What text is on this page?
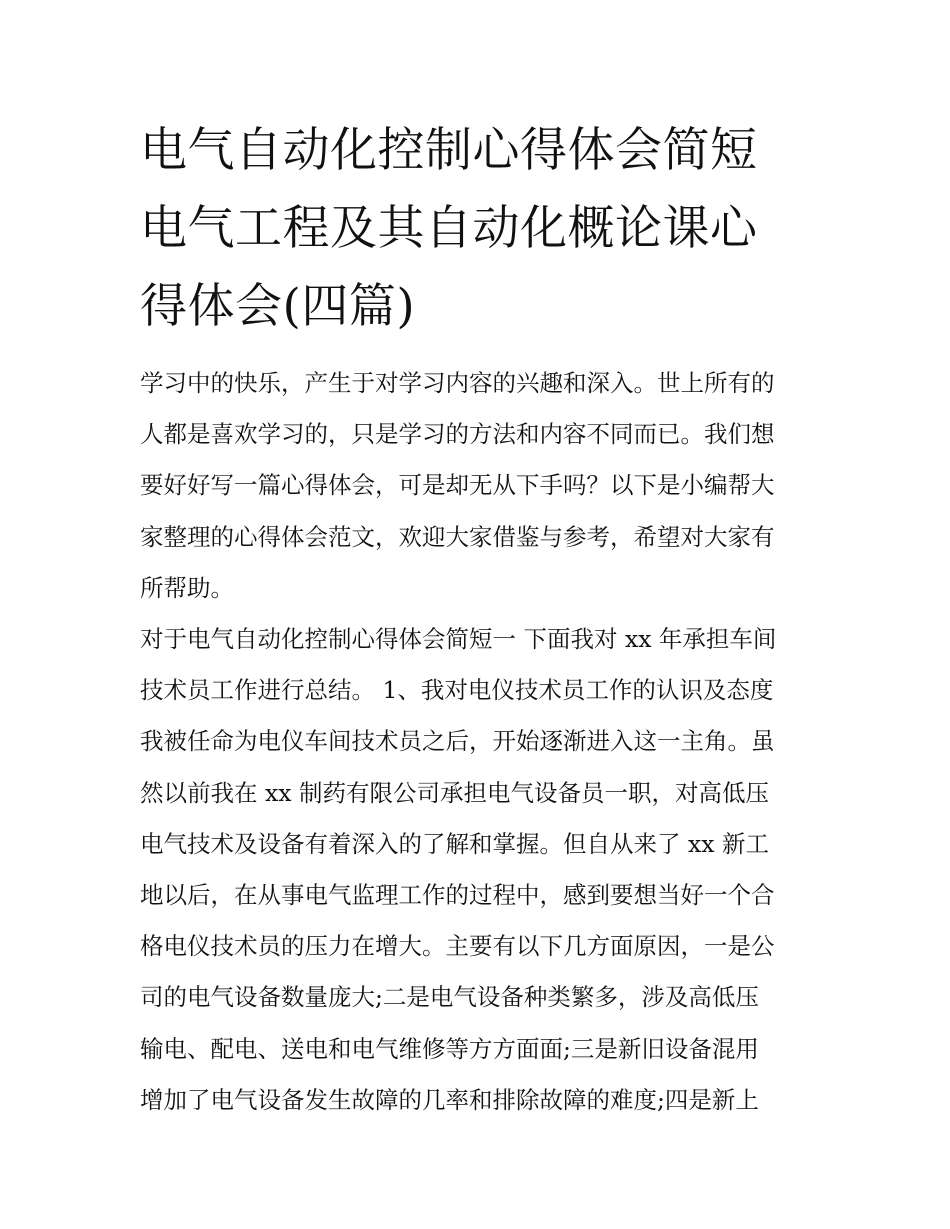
电气自动化控制心得体会简短
电气工程及其自动化概论课心
得体会(四篇)
学习中的快乐，产生于对学习内容的兴趣和深入。世上所有的
人都是喜欢学习的，只是学习的方法和内容不同而已。我们想
要好好写一篇心得体会，可是却无从下手吗？以下是小编帮大
家整理的心得体会范文，欢迎大家借鉴与参考，希望对大家有
所帮助。
对于电气自动化控制心得体会简短一 下面我对 xx 年承担车间
技术员工作进行总结。 1、我对电仪技术员工作的认识及态度
我被任命为电仪车间技术员之后，开始逐渐进入这一主角。虽
然以前我在 xx 制药有限公司承担电气设备员一职，对高低压
电气技术及设备有着深入的了解和掌握。但自从来了 xx 新工
地以后，在从事电气监理工作的过程中，感到要想当好一个合
格电仪技术员的压力在增大。主要有以下几方面原因，一是公
司的电气设备数量庞大;二是电气设备种类繁多，涉及高低压
输电、配电、送电和电气维修等方方面面;三是新旧设备混用
增加了电气设备发生故障的几率和排除故障的难度;四是新上
